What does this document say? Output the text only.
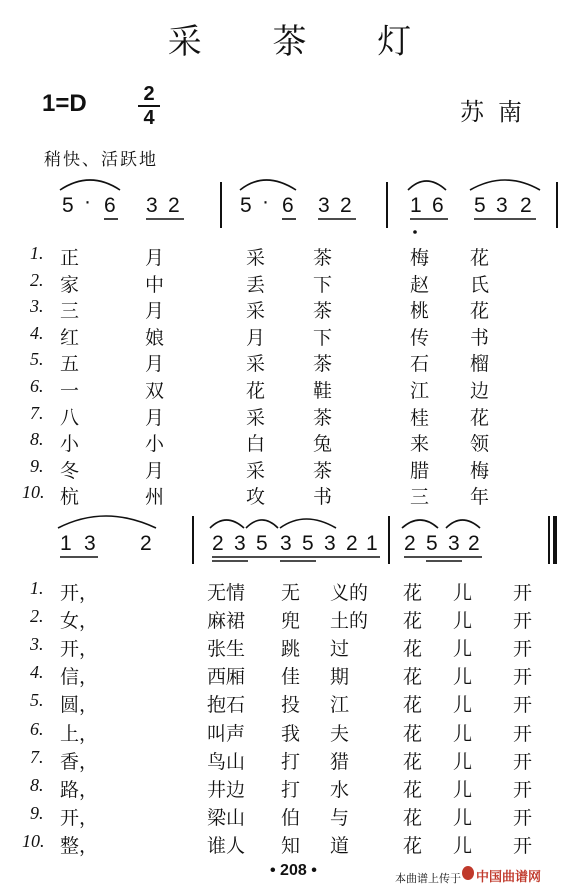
采 茶 灯
1=D	2
4	苏南
稍快、活跃地
5 · 6 3 2	5 · 6 3 2	1 6 5 3 2
1 3 2	2 3 5 3 5 3 2 1 2 5 3 2
1. 正	月	采	茶	梅 花
2. 家	中	丢	下	赵 氏
3. 三	月	采	茶	桃 花
4. 红	娘	月	下	传 书
5. 五	月	采	茶	石 榴
6. 一	双	花	鞋	江 边
7. 八	月	采	茶	桂 花
8. 小	小	白	兔	来 领
9. 冬	月	采	茶	腊 梅
10. 杭	州	攻	书	三 年
1. 开，	无情 无 义的 花 儿 开
2. 女，	麻裙 兜 土的 花 儿 开
3. 开，	张生 跳 过	花 儿 开
4. 信，	西厢 佳 期	花 儿 开
5. 圆，	抱石 投 江	花 儿 开
6. 上，	叫声 我 夫	花 儿 开
7. 香，	鸟山 打 猎	花 儿 开
8. 路，	井边 打 水	花 儿 开
9. 开，	梁山 伯 与	花 儿 开
10. 整，	谁人 知 道	花 儿 开
• 208 •	本曲谱上传于 中国曲谱网
